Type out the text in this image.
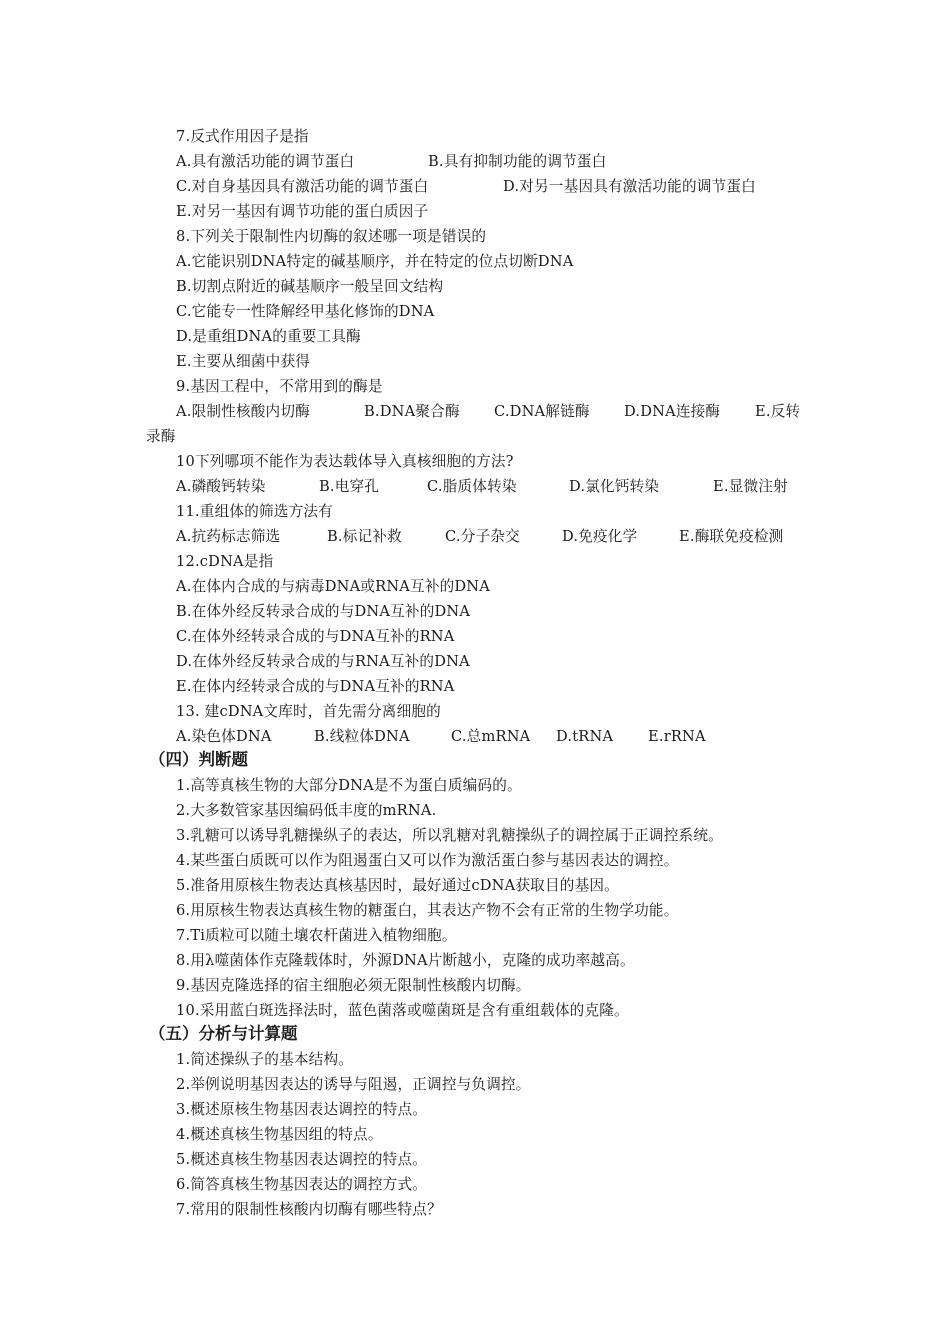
7.反式作用因子是指
A.具有激活功能的调节蛋白	B.具有抑制功能的调节蛋白
C.对自身基因具有激活功能的调节蛋白	D.对另一基因具有激活功能的调节蛋白
E.对另一基因有调节功能的蛋白质因子
8.下列关于限制性内切酶的叙述哪一项是错误的
A.它能识别DNA特定的碱基顺序，并在特定的位点切断DNA
B.切割点附近的碱基顺序一般呈回文结构
C.它能专一性降解经甲基化修饰的DNA
D.是重组DNA的重要工具酶
E.主要从细菌中获得
9.基因工程中，不常用到的酶是
A.限制性核酸内切酶	B.DNA聚合酶 C.DNA解链酶 D.DNA连接酶 E.反转
录酶
10下列哪项不能作为表达载体导入真核细胞的方法?
A.磷酸钙转染	B.电穿孔	C.脂质体转染	D.氯化钙转染	E.显微注射
11.重组体的筛选方法有
A.抗药标志筛选	B.标记补救	C.分子杂交	D.免疫化学	E.酶联免疫检测
12.cDNA是指
A.在体内合成的与病毒DNA或RNA互补的DNA
B.在体外经反转录合成的与DNA互补的DNA
C.在体外经转录合成的与DNA互补的RNA
D.在体外经反转录合成的与RNA互补的DNA
E.在体内经转录合成的与DNA互补的RNA
13. 建cDNA文库时，首先需分离细胞的
A.染色体DNA	B.线粒体DNA	C.总mRNA D.tRNA E.rRNA
（四）判断题
1.高等真核生物的大部分DNA是不为蛋白质编码的。
2.大多数管家基因编码低丰度的mRNA.
3.乳糖可以诱导乳糖操纵子的表达，所以乳糖对乳糖操纵子的调控属于正调控系统。
4.某些蛋白质既可以作为阻遏蛋白又可以作为激活蛋白参与基因表达的调控。
5.准备用原核生物表达真核基因时，最好通过cDNA获取目的基因。
6.用原核生物表达真核生物的糖蛋白，其表达产物不会有正常的生物学功能。
7.Ti质粒可以随土壤农杆菌进入植物细胞。
8.用λ噬菌体作克隆载体时，外源DNA片断越小，克隆的成功率越高。
9.基因克隆选择的宿主细胞必须无限制性核酸内切酶。
10.采用蓝白斑选择法时，蓝色菌落或噬菌斑是含有重组载体的克隆。
（五）分析与计算题
1.简述操纵子的基本结构。
2.举例说明基因表达的诱导与阻遏，正调控与负调控。
3.概述原核生物基因表达调控的特点。
4.概述真核生物基因组的特点。
5.概述真核生物基因表达调控的特点。
6.简答真核生物基因表达的调控方式。
7.常用的限制性核酸内切酶有哪些特点？
